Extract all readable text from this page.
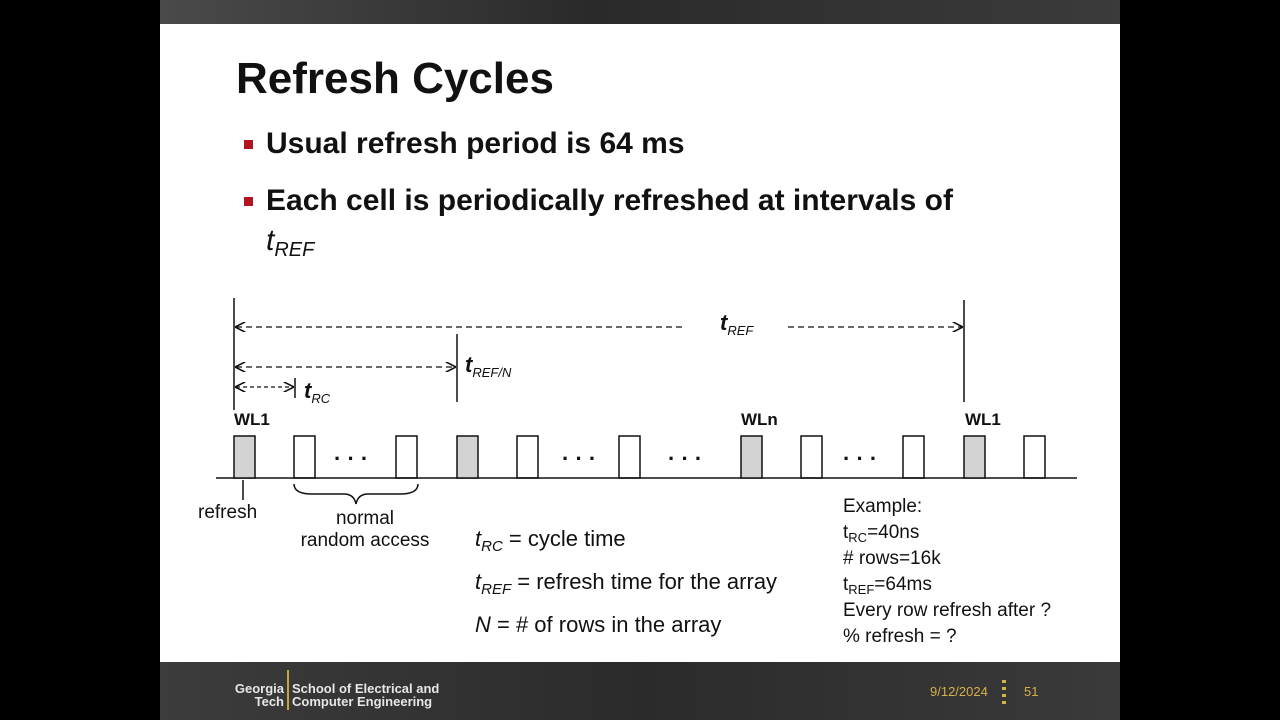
Refresh Cycles
Usual refresh period is 64 ms
Each cell is periodically refreshed at intervals of
$t_{REF}$
WL1	WLn	WL1
$t_{REF}$
$t_{REF/N}$
$t_{RC}$
· · ·	· · ·	· · ·	· · ·
refresh	normal
random access	$t_{RC}$ = cycle time
$t_{REF}$ = refresh time for the array
N = # of rows in the array
Example:
$t_{RC}=40ns$
# rows=16k
$t_{REF}=64ms$
Every row refresh after ?
% refresh = ?
Georgia
Tech
School of Electrical and
Computer Engineering
9/12/2024	51
